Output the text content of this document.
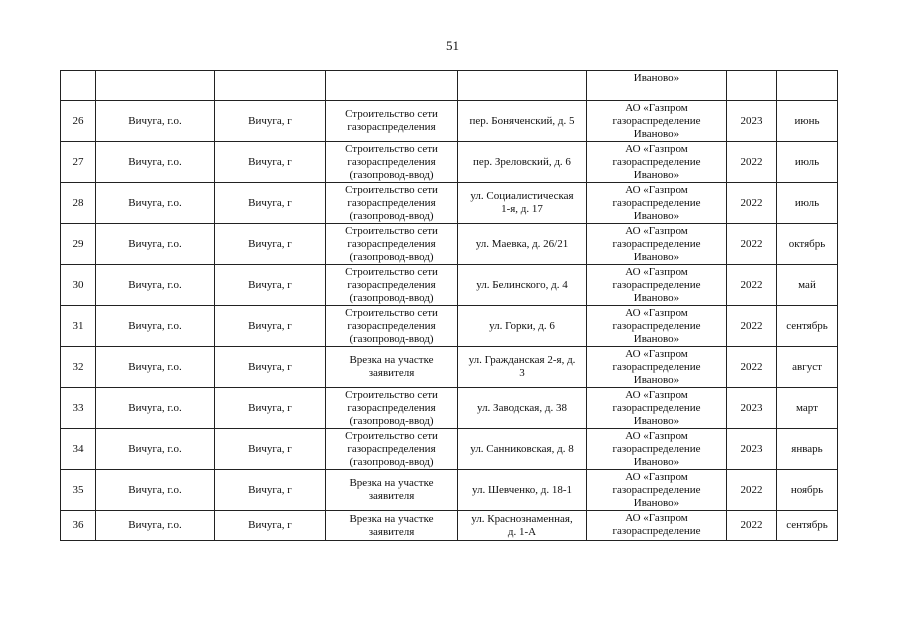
51
					Иваново»		
26	Вичуга, г.о.	Вичуга, г	Строительство сети
газораспределения	пер. Боняченский, д. 5	АО «Газпром
газораспределение
Иваново»	2023	июнь
27	Вичуга, г.о.	Вичуга, г	Строительство сети
газораспределения
(газопровод-ввод)	пер. Зреловский, д. 6	АО «Газпром
газораспределение
Иваново»	2022	июль
28	Вичуга, г.о.	Вичуга, г	Строительство сети
газораспределения
(газопровод-ввод)	ул. Социалистическая
1-я, д. 17	АО «Газпром
газораспределение
Иваново»	2022	июль
29	Вичуга, г.о.	Вичуга, г	Строительство сети
газораспределения
(газопровод-ввод)	ул. Маевка, д. 26/21	АО «Газпром
газораспределение
Иваново»	2022	октябрь
30	Вичуга, г.о.	Вичуга, г	Строительство сети
газораспределения
(газопровод-ввод)	ул. Белинского, д. 4	АО «Газпром
газораспределение
Иваново»	2022	май
31	Вичуга, г.о.	Вичуга, г	Строительство сети
газораспределения
(газопровод-ввод)	ул. Горки, д. 6	АО «Газпром
газораспределение
Иваново»	2022	сентябрь
32	Вичуга, г.о.	Вичуга, г	Врезка на участке
заявителя	ул. Гражданская 2-я, д.
3	АО «Газпром
газораспределение
Иваново»	2022	август
33	Вичуга, г.о.	Вичуга, г	Строительство сети
газораспределения
(газопровод-ввод)	ул. Заводская, д. 38	АО «Газпром
газораспределение
Иваново»	2023	март
34	Вичуга, г.о.	Вичуга, г	Строительство сети
газораспределения
(газопровод-ввод)	ул. Санниковская, д. 8	АО «Газпром
газораспределение
Иваново»	2023	январь
35	Вичуга, г.о.	Вичуга, г	Врезка на участке
заявителя	ул. Шевченко, д. 18-1	АО «Газпром
газораспределение
Иваново»	2022	ноябрь
36	Вичуга, г.о.	Вичуга, г	Врезка на участке
заявителя	ул. Краснознаменная,
д. 1-А	АО «Газпром
газораспределение	2022	сентябрь
